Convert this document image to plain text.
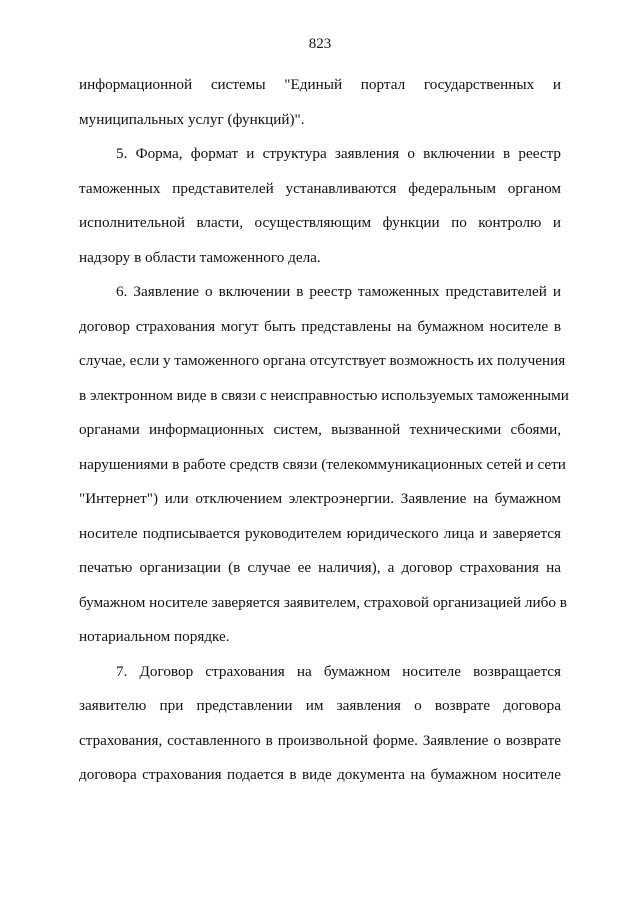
823

информационной системы "Единый портал государственных и
муниципальных услуг (функций)".

5. Форма, формат и структура заявления о включении в реестр
таможенных представителей устанавливаются федеральным органом
исполнительной власти, осуществляющим функции по контролю и
надзору в области таможенного дела.

6. Заявление о включении в реестр таможенных представителей и
договор страхования могут быть представлены на бумажном носителе в
случае, если у таможенного органа отсутствует возможность их получения
в электронном виде в связи с неисправностью используемых таможенными
органами информационных систем, вызванной техническими сбоями,
нарушениями в работе средств связи (телекоммуникационных сетей и сети
"Интернет") или отключением электроэнергии. Заявление на бумажном
носителе подписывается руководителем юридического лица и заверяется
печатью организации (в случае ее наличия), а договор страхования на
бумажном носителе заверяется заявителем, страховой организацией либо в
нотариальном порядке.

7. Договор страхования на бумажном носителе возвращается
заявителю при представлении им заявления о возврате договора
страхования, составленного в произвольной форме. Заявление о возврате
договора страхования подается в виде документа на бумажном носителе
